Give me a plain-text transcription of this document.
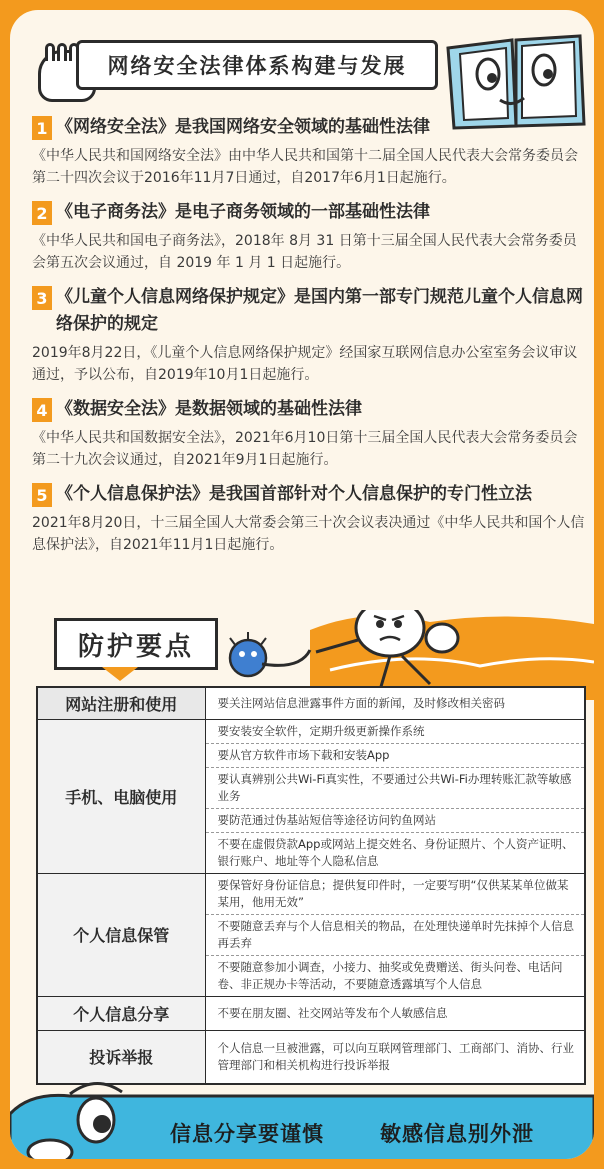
网络安全法律体系构建与发展
1 《网络安全法》是我国网络安全领域的基础性法律

《中华人民共和国网络安全法》由中华人民共和国第十二届全国人民代表大会常务委员会第二十四次会议于2016年11月7日通过，自2017年6月1日起施行。

2 《电子商务法》是电子商务领域的一部基础性法律

《中华人民共和国电子商务法》，2018年 8月 31 日第十三届全国人民代表大会常务委员会第五次会议通过，自 2019 年 1 月 1 日起施行。

3 《儿童个人信息网络保护规定》是国内第一部专门规范儿童个人信息网络保护的规定

2019年8月22日，《儿童个人信息网络保护规定》经国家互联网信息办公室室务会议审议通过，予以公布，自2019年10月1日起施行。

4 《数据安全法》是数据领域的基础性法律

《中华人民共和国数据安全法》，2021年6月10日第十三届全国人民代表大会常务委员会第二十九次会议通过，自2021年9月1日起施行。

5 《个人信息保护法》是我国首部针对个人信息保护的专门性立法

2021年8月20日，十三届全国人大常委会第三十次会议表决通过《中华人民共和国个人信息保护法》，自2021年11月1日起施行。

防护要点
网站注册和使用	要关注网站信息泄露事件方面的新闻，及时修改相关密码
手机、电脑使用	要安装安全软件，定期升级更新操作系统
	要从官方软件市场下载和安装App
	要认真辨别公共Wi-Fi真实性，不要通过公共Wi-Fi办理转账汇款等敏感业务
	要防范通过伪基站短信等途径访问钓鱼网站
	不要在虚假贷款App或网站上提交姓名、身份证照片、个人资产证明、银行账户、地址等个人隐私信息
个人信息保管	要保管好身份证信息；提供复印件时，一定要写明“仅供某某单位做某某用，他用无效”
	不要随意丢弃与个人信息相关的物品，在处理快递单时先抹掉个人信息再丢弃
	不要随意参加小调查，小接力、抽奖或免费赠送、街头问卷、电话问卷、非正规办卡等活动，不要随意透露填写个人信息
个人信息分享	不要在朋友圈、社交网站等发布个人敏感信息
投诉举报	个人信息一旦被泄露，可以向互联网管理部门、工商部门、消协、行业管理部门和相关机构进行投诉举报
信息分享要谨慎	敏感信息别外泄
